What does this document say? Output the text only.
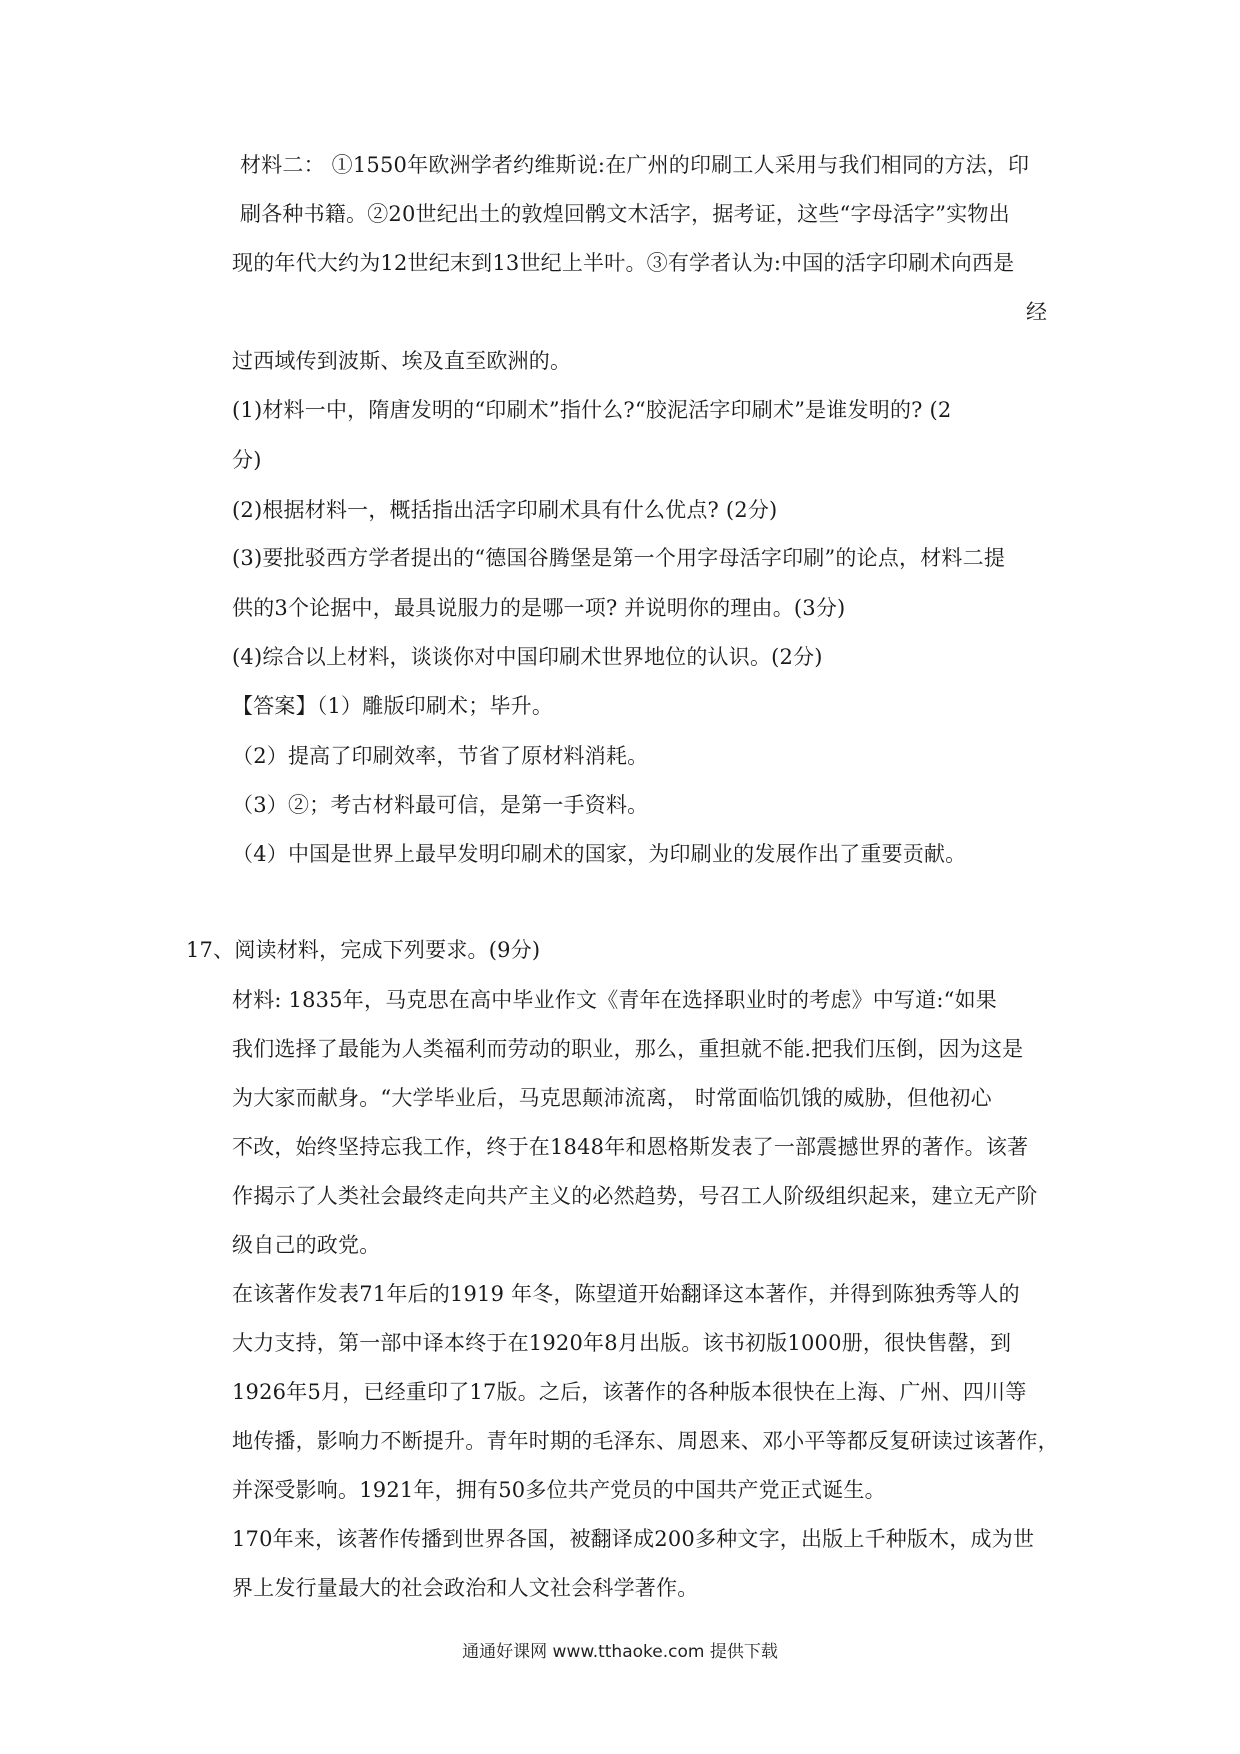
材料二： ①1550年欧洲学者约维斯说:在广州的印刷工人采用与我们相同的方法，印
刷各种书籍。②20世纪出土的敦煌回鹘文木活字，据考证，这些“字母活字”实物出
现的年代大约为12世纪末到13世纪上半叶。③有学者认为:中国的活字印刷术向西是
经
过西域传到波斯、埃及直至欧洲的。
(1)材料一中，隋唐发明的“印刷术”指什么?“胶泥活字印刷术”是谁发明的? (2
分)
(2)根据材料一，概括指出活字印刷术具有什么优点? (2分)
(3)要批驳西方学者提出的“德国谷腾堡是第一个用字母活字印刷”的论点，材料二提
供的3个论据中，最具说服力的是哪一项? 并说明你的理由。(3分)
(4)综合以上材料，谈谈你对中国印刷术世界地位的认识。(2分)
【答案】（1）雕版印刷术；毕升。
（2）提高了印刷效率，节省了原材料消耗。
（3）②；考古材料最可信，是第一手资料。
（4）中国是世界上最早发明印刷术的国家，为印刷业的发展作出了重要贡献。
17、阅读材料，完成下列要求。(9分)
材料: 1835年，马克思在高中毕业作文《青年在选择职业时的考虑》中写道:“如果
我们选择了最能为人类福利而劳动的职业，那么，重担就不能.把我们压倒，因为这是
为大家而献身。“大学毕业后，马克思颠沛流离， 时常面临饥饿的威胁，但他初心
不改，始终坚持忘我工作，终于在1848年和恩格斯发表了一部震撼世界的著作。该著
作揭示了人类社会最终走向共产主义的必然趋势，号召工人阶级组织起来，建立无产阶
级自己的政党。
在该著作发表71年后的1919 年冬，陈望道开始翻译这本著作，并得到陈独秀等人的
大力支持，第一部中译本终于在1920年8月出版。该书初版1000册，很快售罄，到
1926年5月，已经重印了17版。之后，该著作的各种版本很快在上海、广州、四川等
地传播，影响力不断提升。青年时期的毛泽东、周恩来、邓小平等都反复研读过该著作，
并深受影响。1921年，拥有50多位共产党员的中国共产党正式诞生。
170年来，该著作传播到世界各国，被翻译成200多种文字，出版上千种版木，成为世
界上发行量最大的社会政治和人文社会科学著作。
通通好课网 www.tthaoke.com 提供下载
